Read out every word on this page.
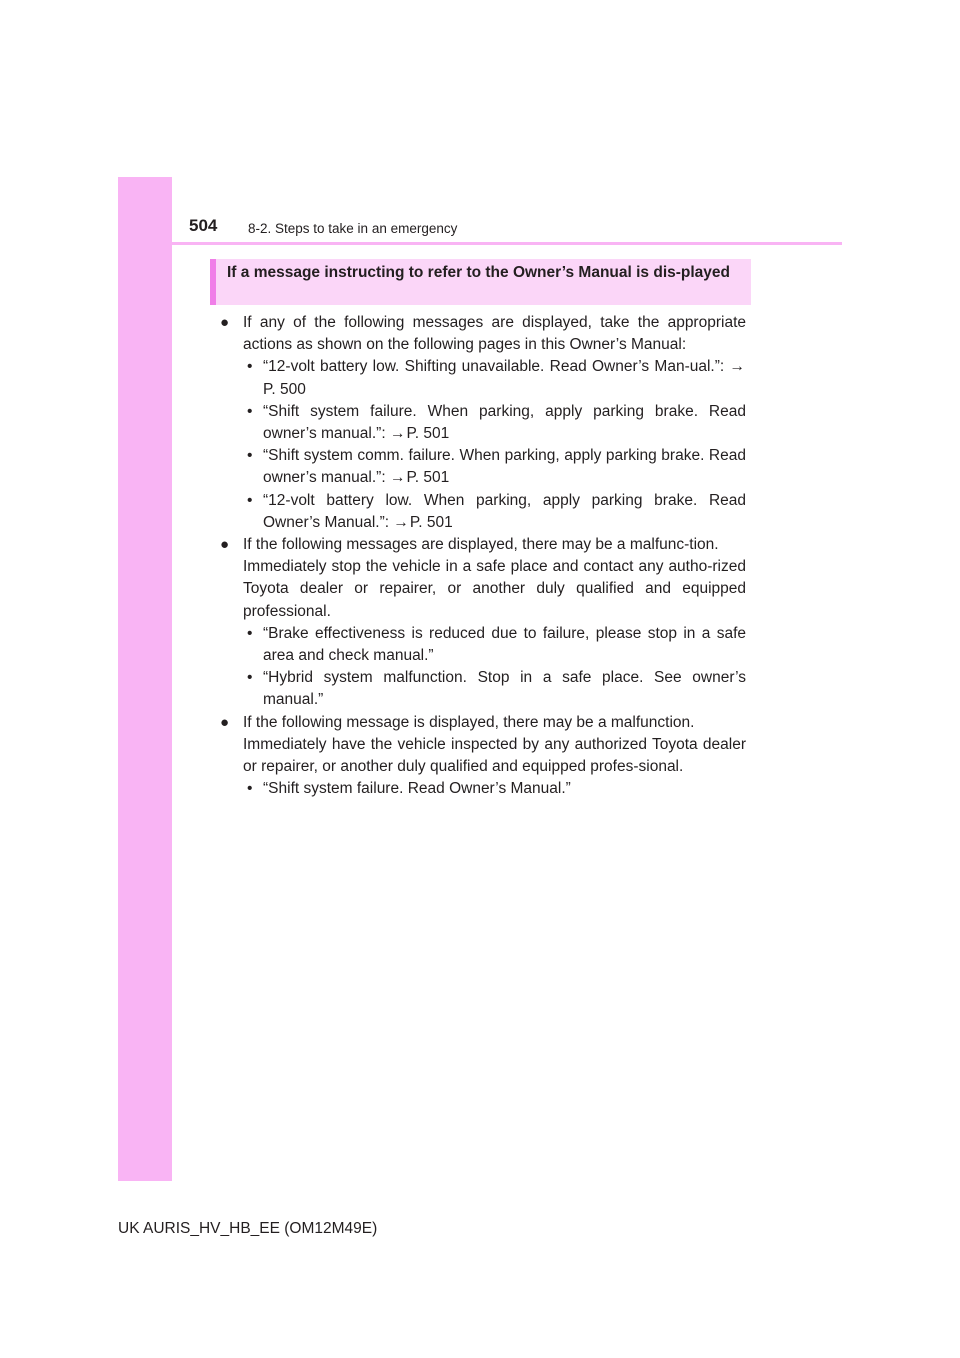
504 8-2. Steps to take in an emergency
If a message instructing to refer to the Owner’s Manual is dis-played
● If any of the following messages are displayed, take the appropriate actions as shown on the following pages in this Owner’s Manual:

• “12-volt battery low. Shifting unavailable. Read Owner’s Man-ual.”: →P. 500
• “Shift system failure. When parking, apply parking brake. Read owner’s manual.”: →P. 501
• “Shift system comm. failure. When parking, apply parking brake. Read owner’s manual.”: →P. 501
• “12-volt battery low. When parking, apply parking brake. Read Owner’s Manual.”: →P. 501
● If the following messages are displayed, there may be a malfunc-tion.

Immediately stop the vehicle in a safe place and contact any autho-rized Toyota dealer or repairer, or another duly qualified and equipped professional.

• “Brake effectiveness is reduced due to failure, please stop in a safe area and check manual.”
• “Hybrid system malfunction. Stop in a safe place. See owner’s manual.”
● If the following message is displayed, there may be a malfunction.

Immediately have the vehicle inspected by any authorized Toyota dealer or repairer, or another duly qualified and equipped profes-sional.

• “Shift system failure. Read Owner’s Manual.”
UK AURIS_HV_HB_EE (OM12M49E)
